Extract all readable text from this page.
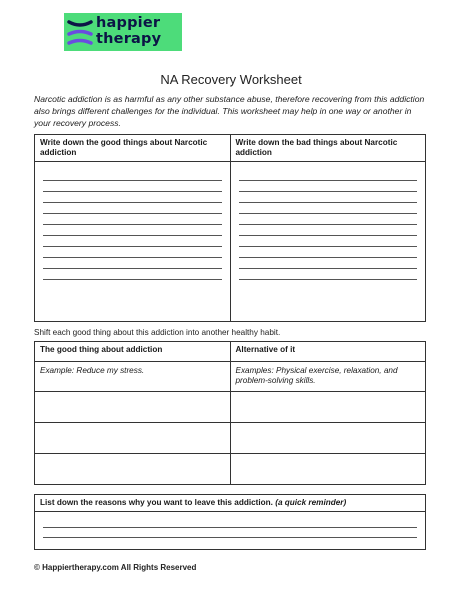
happier
therapy
NA Recovery Worksheet
Narcotic addiction is as harmful as any other substance abuse, therefore recovering from this addiction also brings different challenges for the individual. This worksheet may help in one way or another in your recovery process.
Write down the good things about Narcotic addiction	Write down the bad things about Narcotic addiction

Shift each good thing about this addiction into another healthy habit.
The good thing about addiction	Alternative of it
Example: Reduce my stress.	Examples: Physical exercise, relaxation, and problem-solving skills.

List down the reasons why you want to leave this addiction. (a quick reminder)

© Happiertherapy.com All Rights Reserved
